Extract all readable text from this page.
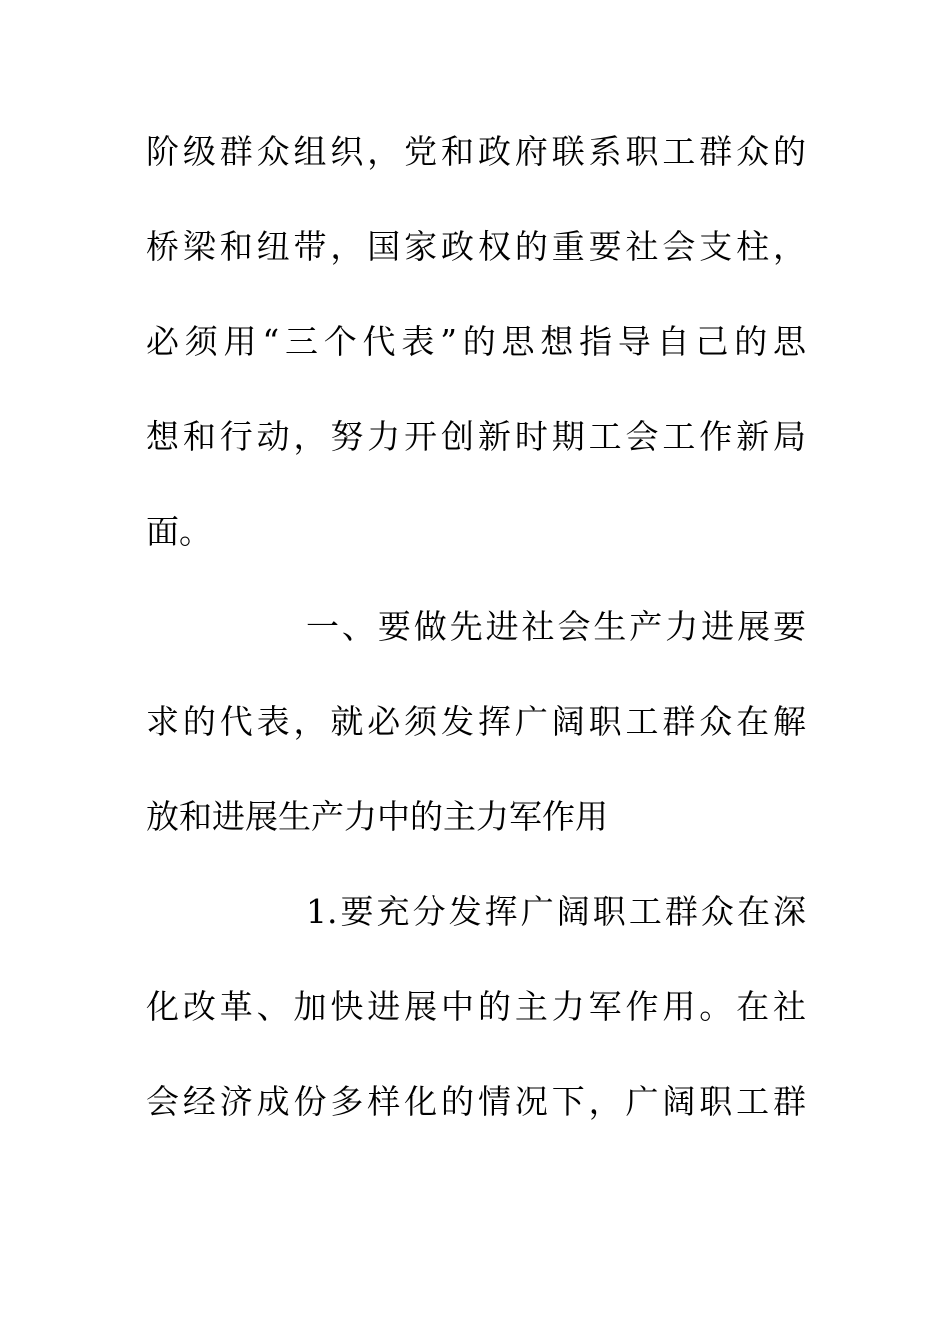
阶级群众组织，党和政府联系职工群众的
桥梁和纽带，国家政权的重要社会支柱，
必须用“三个代表”的思想指导自己的思
想和行动，努力开创新时期工会工作新局
面。
一、要做先进社会生产力进展要
求的代表，就必须发挥广阔职工群众在解
放和进展生产力中的主力军作用
1.要充分发挥广阔职工群众在深
化改革、加快进展中的主力军作用。在社
会经济成份多样化的情况下，广阔职工群
